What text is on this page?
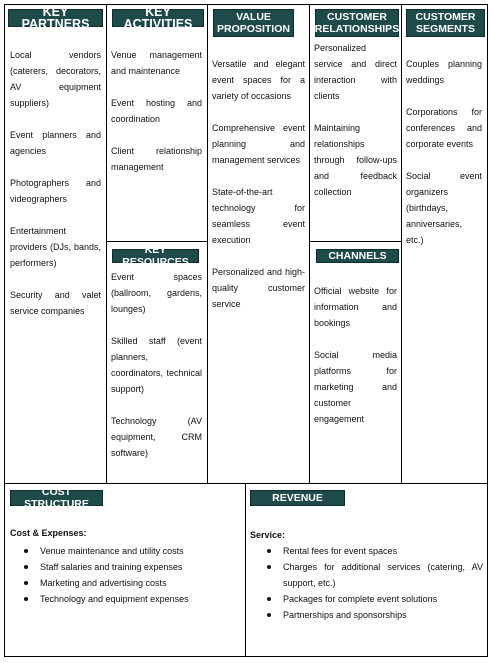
KEY PARTNERS
Local vendors (caterers, decorators, AV equipment suppliers)
Event planners and agencies
Photographers and videographers
Entertainment providers (DJs, bands, performers)
Security and valet service companies
KEY ACTIVITIES
Venue management and maintenance
Event hosting and coordination
Client relationship management
KEY RESOURCES
Event spaces (ballroom, gardens, lounges)
Skilled staff (event planners, coordinators, technical support)
Technology (AV equipment, CRM software)
VALUE
PROPOSITION
Versatile and elegant event spaces for a variety of occasions
Comprehensive event planning and management services
State-of-the-art technology for seamless event execution
Personalized and high-quality customer service
CUSTOMER
RELATIONSHIPS
Personalized service and direct interaction with clients
Maintaining relationships through follow-ups and feedback collection
CHANNELS
Official website for information and bookings
Social media platforms for marketing and customer engagement
CUSTOMER
SEGMENTS
Couples planning weddings
Corporations for conferences and corporate events
Social event organizers (birthdays, anniversaries, etc.)
COST STRUCTURE
Cost & Expenses:
Venue maintenance and utility costs
Staff salaries and training expenses
Marketing and advertising costs
Technology and equipment expenses
REVENUE
Service:
Rental fees for event spaces
Charges for additional services (catering, AV support, etc.)
Packages for complete event solutions
Partnerships and sponsorships
